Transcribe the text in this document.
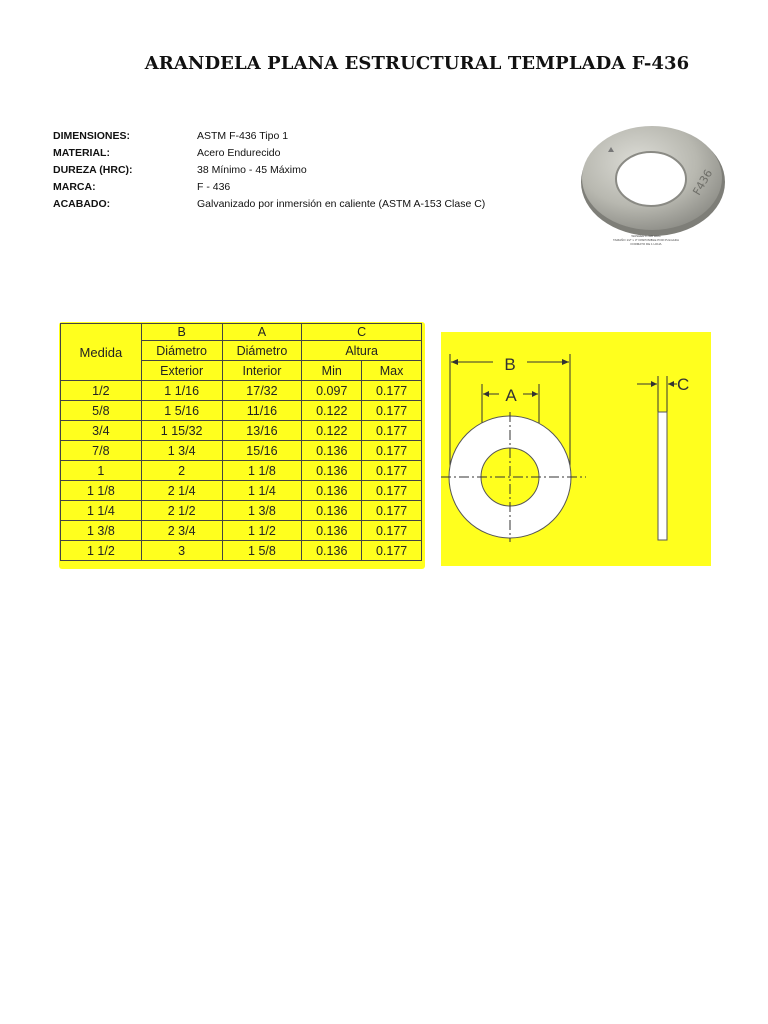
ARANDELA PLANA ESTRUCTURAL TEMPLADA F-436
DIMENSIONES:	ASTM F-436 Tipo 1
MATERIAL:	Acero Endurecido
DUREZA (HRC):	38 Mínimo - 45 Máximo
MARCA:	F - 436
ACABADO:	Galvanizado por inmersión en caliente (ASTM A-153 Clase C)
F436
WASHER F-436 HDG
TAMAÑO 1/2" x 3" DISPONIBLE POR PULGADA
FORMATO DE 1 HOJA
Medida	B	A	C	
	Diámetro	Diámetro	Altura	
	Exterior	Interior	Min	Max
1/2	1 1/16	17/32	0.097	0.177
5/8	1 5/16	11/16	0.122	0.177
3/4	1 15/32	13/16	0.122	0.177
7/8	1 3/4	15/16	0.136	0.177
1	2	1 1/8	0.136	0.177
1 1/8	2 1/4	1 1/4	0.136	0.177
1 1/4	2 1/2	1 3/8	0.136	0.177
1 3/8	2 3/4	1 1/2	0.136	0.177
1 1/2	3	1 5/8	0.136	0.177
B
A
C
